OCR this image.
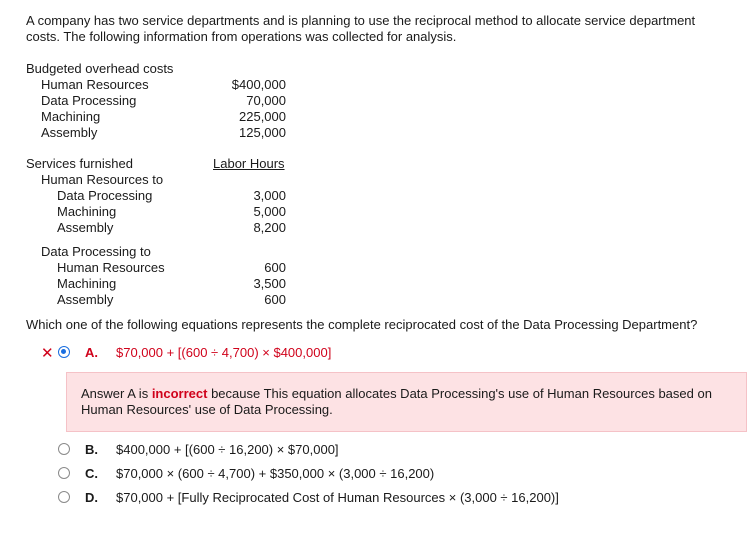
A company has two service departments and is planning to use the reciprocal method to allocate service department costs. The following information from operations was collected for analysis.
Budgeted overhead costs
Human Resources	$400,000
Data Processing	70,000
Machining	225,000
Assembly	125,000
Services furnished	Labor Hours
Human Resources to
Data Processing	3,000
Machining	5,000
Assembly	8,200
Data Processing to
Human Resources	600
Machining	3,500
Assembly	600
Which one of the following equations represents the complete reciprocated cost of the Data Processing Department?
✕ A. $70,000 + [(600 ÷ 4,700) × $400,000]
Answer A is incorrect because This equation allocates Data Processing's use of Human Resources based on Human Resources' use of Data Processing.
B. $400,000 + [(600 ÷ 16,200) × $70,000]
C. $70,000 × (600 ÷ 4,700) + $350,000 × (3,000 ÷ 16,200)
D. $70,000 + [Fully Reciprocated Cost of Human Resources × (3,000 ÷ 16,200)]
